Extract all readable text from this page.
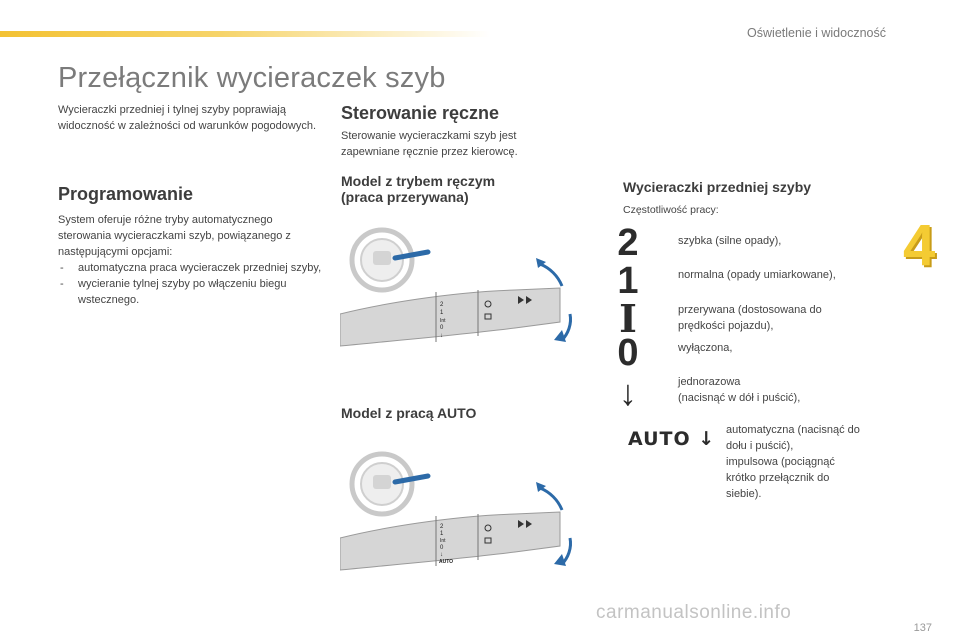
Oświetlenie i widoczność
Przełącznik wycieraczek szyb
4
Wycieraczki przedniej i tylnej szyby poprawiają widoczność w zależności od warunków pogodowych.
Programowanie
System oferuje różne tryby automatycznego sterowania wycieraczkami szyb, powiązanego z następującymi opcjami:
- automatyczna praca wycieraczek przedniej szyby,
- wycieranie tylnej szyby po włączeniu biegu wstecznego.
Sterowanie ręczne
Sterowanie wycieraczkami szyb jest zapewniane ręcznie przez kierowcę.
Model z trybem ręczym
(praca przerywana)
Model z pracą AUTO
2
1
Int
0
↓
2
1
Int
0
↓
AUTO
Wycieraczki przedniej szyby
Częstotliwość pracy:
2	szybka (silne opady),
1	normalna (opady umiarkowane),
I	przerywana (dostosowana do
prędkości pojazdu),
0	wyłączona,
↓	jednorazowa
(nacisnąć w dół i puścić),
AUTO ↓ automatyczna (nacisnąć do
dołu i puścić),
impulsowa (pociągnąć
krótko przełącznik do
siebie).
carmanualsonline.info
137
